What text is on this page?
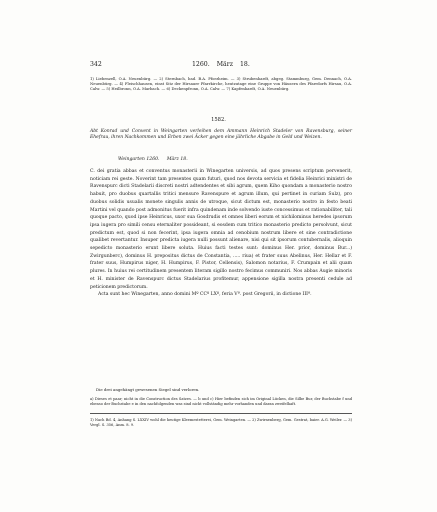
342	1260. März 18.

1) Liebenzell, O.A. Neuenbürg. — 2) Sternbach, bad. B.A. Pforzheim. — 3) Strubenhardt, abgeg. Stammburg, Gem. Dennach, O.A. Neuenbürg. — 4) Fleischhausen, einst Sitz der Hirsauer Pfarrkirche, heutzutage eine Gruppe von Häusern des Pfarrdorfs Hirsau, O.A. Calw. — 5) Heilbronn, O.A. Marbach. — 6) Deckenpfronn, O.A. Calw. — 7) Kapfenhardt, O.A. Neuenbürg.

1582.
Abt Konrad und Convent in Weingarten verleihen dem Ammann Heinrich Stadeler von Ravensburg, seiner Ehefrau, ihren Nachkommen und Erben zwei Äcker gegen eine jährliche Abgabe in Geld und Weizen.
Weingarten 1260. März 18.

C. dei gratia abbas et conventus monasterii in Winegarten universis, ad quos presens scriptum pervenerit, noticiam rei geste. Noverint tam presentes quam futuri, quod nos devota servicia et fidelia Heinrici ministri de Ravenspurc dicti Stadelarii discreti nostri adtendentes et sibi agrum, quem Kiho quondam a monasterio nostro habuit, pro duobus quartallis tritici mensure Ravenspure et agrum illum, qui pertinet in curiam Sulz), pro duobus solidis usualis monete singulis annis de utroque, sicut dictum est, monasterio nostro in festo beati Martini vel quando post admonitus fuerit infra quindenam inde solvendo iuste concessimus et rationabiliter, tali quoque pacto, quod ipse Heinricus, uxor sua Gosdrudis et omnes liberi eorum et nichilominus heredes ipsorum ipsa iugera pro simili censu eternaliter possideant, si eosdem cum tritico monasterio predicto persolvunt, sicut predictum est, quod si non fecerint, ipsa iugera omnia ad cenobium nostrum libere et sine contradictione qualibet revertantur. Insuper predicta iugera nulli possunt alienare, nisi qui sit ipsorum contubernalis, alioquin sepedicto monasterio erunt libere soluta. Huius facti testes sunt: dominus Her. prior, dominus Bur...) Zwirgunberc), dominus H. prepositus dictus de Constantia, ..... riua) et frater suus Abelinus, Her. Hellar et F. frater suus, Humpirus niger, H. Humpirus, F. Pistor, Cellensis), Salomon notarius, F. Crumpain et alii quam plures. In huius rei certitudinem presentem literam sigillo nostro fecimus communiri. Nos abbas Augie minoris et H. minister de Ravenspurc dictus Stadelarius profitemur, appensione sigilla nostra presenti cedule ad peticionem predictorum.

Acta sunt hec Winegarten, anno domini Mº CCº LXº, feria Vª. post Gregorii, in dictione IIIª.

Die drei angehängt gewesenen Siegel sind verloren.

a) Dieses et paar; nicht in die Construction des Satzes. — b und c) Hier befinden sich im Original Lücken, die Silbe Bur, der Buchstabe f und ebenso der Buchstabe e in den nachfolgenden was sind nicht vollständig mehr vorhanden und daran zweifelhaft.

1) Nach Bd. 4, Anhang S. LXXIV wohl die heutige Kleemestetterei, Gem. Weingarten. — 2) Zwirnenberg, Gem. Gestrat, baier. A.G. Weiler. — 3) Vergl. S. 356, Anm. 8. 9.
